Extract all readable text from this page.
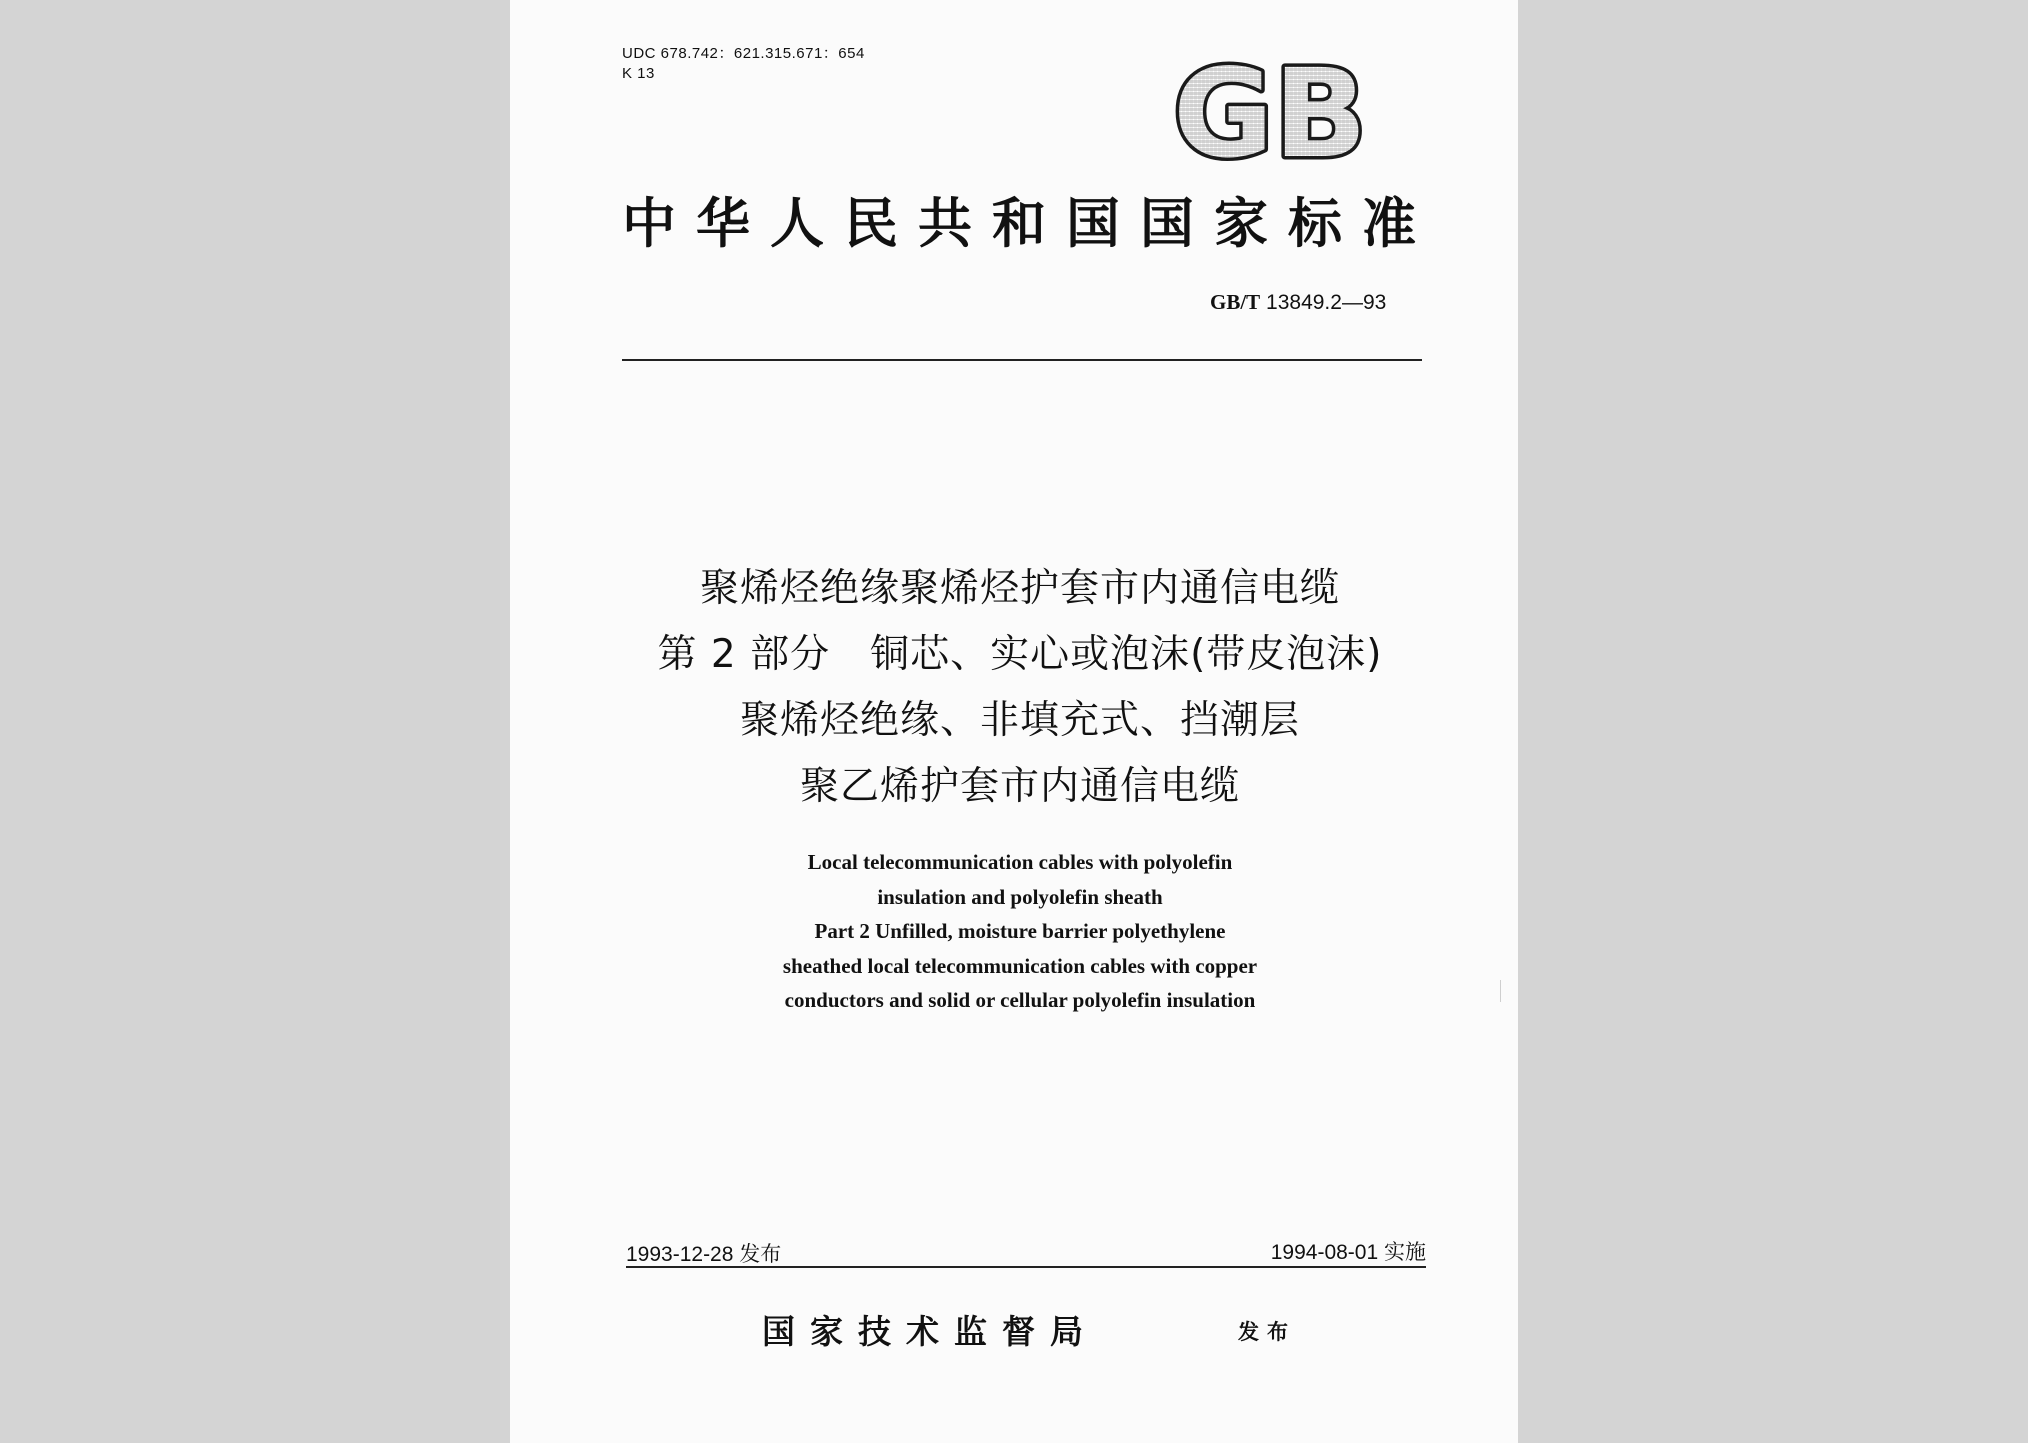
UDC 678.742：621.315.671：654
K 13	GB
中华人民共和国国家标准
GB/T 13849.2—93
聚烯烃绝缘聚烯烃护套市内通信电缆
第 2 部分　铜芯、实心或泡沫(带皮泡沫)
聚烯烃绝缘、非填充式、挡潮层
聚乙烯护套市内通信电缆
Local telecommunication cables with polyolefin
insulation and polyolefin sheath
Part 2 Unfilled, moisture barrier polyethylene
sheathed local telecommunication cables with copper
conductors and solid or cellular polyolefin insulation
1993-12-28 发布	1994-08-01 实施
国家技术监督局	发布
